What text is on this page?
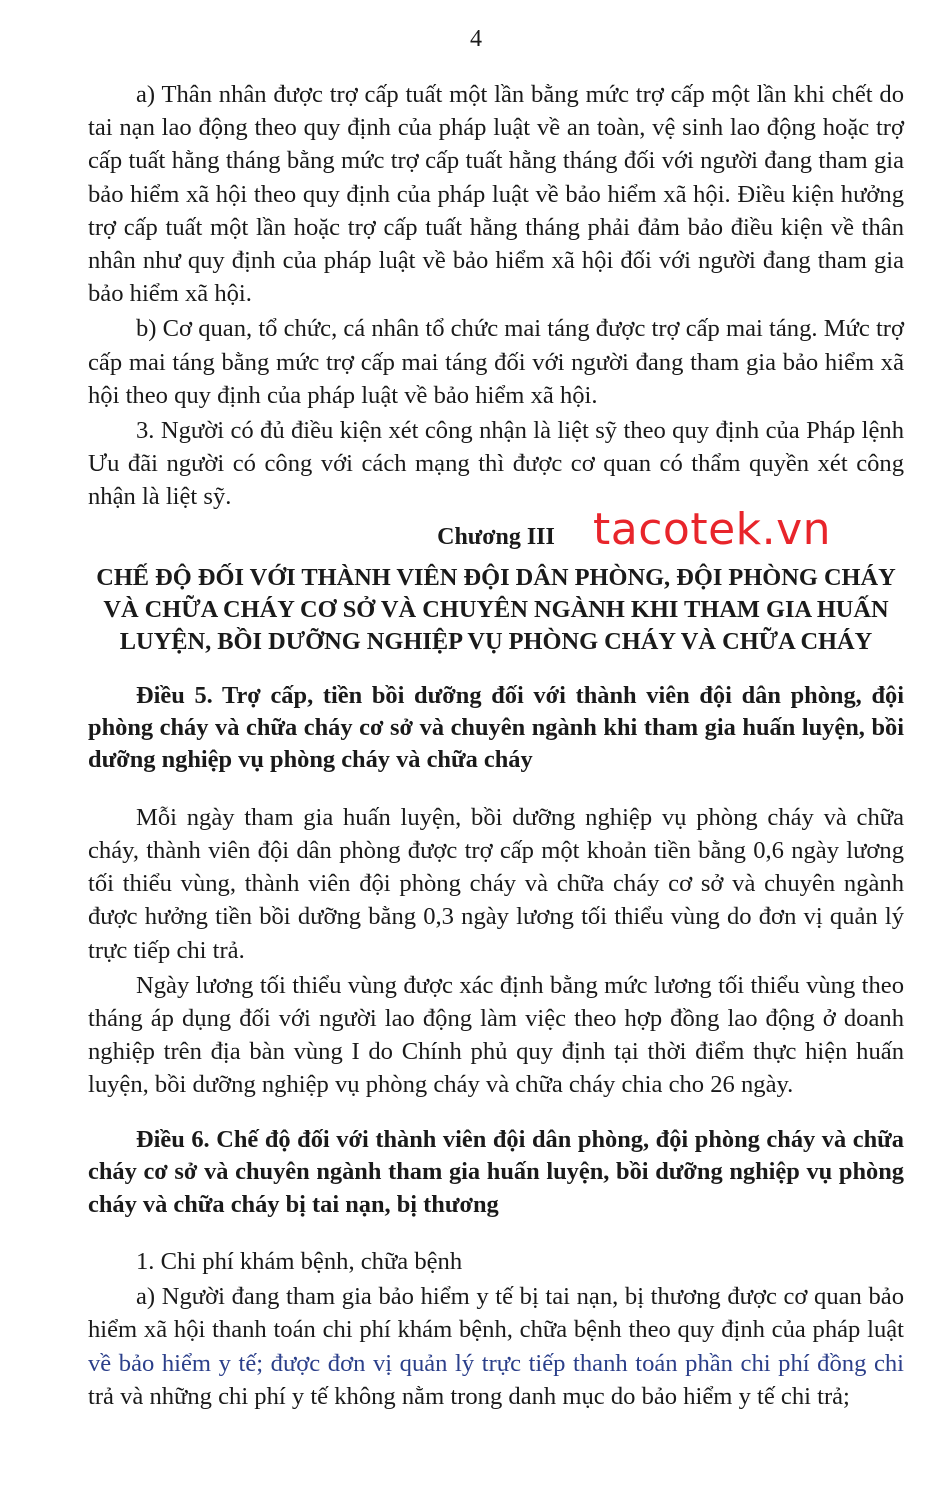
4

a) Thân nhân được trợ cấp tuất một lần bằng mức trợ cấp một lần khi chết do tai nạn lao động theo quy định của pháp luật về an toàn, vệ sinh lao động hoặc trợ cấp tuất hằng tháng bằng mức trợ cấp tuất hằng tháng đối với người đang tham gia bảo hiểm xã hội theo quy định của pháp luật về bảo hiểm xã hội. Điều kiện hưởng trợ cấp tuất một lần hoặc trợ cấp tuất hằng tháng phải đảm bảo điều kiện về thân nhân như quy định của pháp luật về bảo hiểm xã hội đối với người đang tham gia bảo hiểm xã hội.

b) Cơ quan, tổ chức, cá nhân tổ chức mai táng được trợ cấp mai táng. Mức trợ cấp mai táng bằng mức trợ cấp mai táng đối với người đang tham gia bảo hiểm xã hội theo quy định của pháp luật về bảo hiểm xã hội.

3. Người có đủ điều kiện xét công nhận là liệt sỹ theo quy định của Pháp lệnh Ưu đãi người có công với cách mạng thì được cơ quan có thẩm quyền xét công nhận là liệt sỹ.

Chương III tacotek.vn
CHẾ ĐỘ ĐỐI VỚI THÀNH VIÊN ĐỘI DÂN PHÒNG, ĐỘI PHÒNG CHÁY
VÀ CHỮA CHÁY CƠ SỞ VÀ CHUYÊN NGÀNH KHI THAM GIA HUẤN
LUYỆN, BỒI DƯỠNG NGHIỆP VỤ PHÒNG CHÁY VÀ CHỮA CHÁY

Điều 5. Trợ cấp, tiền bồi dưỡng đối với thành viên đội dân phòng, đội phòng cháy và chữa cháy cơ sở và chuyên ngành khi tham gia huấn luyện, bồi dưỡng nghiệp vụ phòng cháy và chữa cháy

Mỗi ngày tham gia huấn luyện, bồi dưỡng nghiệp vụ phòng cháy và chữa cháy, thành viên đội dân phòng được trợ cấp một khoản tiền bằng 0,6 ngày lương tối thiểu vùng, thành viên đội phòng cháy và chữa cháy cơ sở và chuyên ngành được hưởng tiền bồi dưỡng bằng 0,3 ngày lương tối thiểu vùng do đơn vị quản lý trực tiếp chi trả.

Ngày lương tối thiểu vùng được xác định bằng mức lương tối thiểu vùng theo tháng áp dụng đối với người lao động làm việc theo hợp đồng lao động ở doanh nghiệp trên địa bàn vùng I do Chính phủ quy định tại thời điểm thực hiện huấn luyện, bồi dưỡng nghiệp vụ phòng cháy và chữa cháy chia cho 26 ngày.

Điều 6. Chế độ đối với thành viên đội dân phòng, đội phòng cháy và chữa cháy cơ sở và chuyên ngành tham gia huấn luyện, bồi dưỡng nghiệp vụ phòng cháy và chữa cháy bị tai nạn, bị thương

1. Chi phí khám bệnh, chữa bệnh

a) Người đang tham gia bảo hiểm y tế bị tai nạn, bị thương được cơ quan bảo hiểm xã hội thanh toán chi phí khám bệnh, chữa bệnh theo quy định của pháp luật về bảo hiểm y tế; được đơn vị quản lý trực tiếp thanh toán phần chi phí đồng chi trả và những chi phí y tế không nằm trong danh mục do bảo hiểm y tế chi trả;
